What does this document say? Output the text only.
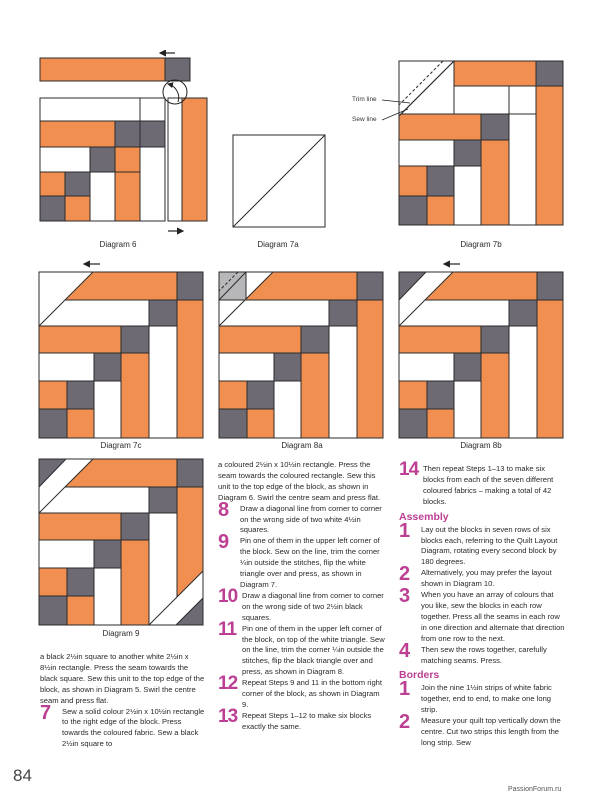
Diagram 6	Diagram 7a
Trim line
Sew line
Diagram 7b
Diagram 7c	Diagram 8a	Diagram 8b
Diagram 9

a black 2½in square to another white 2½in x 8½in rectangle. Press the seam towards the black square. Sew this unit to the top edge of the block, as shown in Diagram 5. Swirl the centre seam and press flat.

7 Sew a solid colour 2½in x 10½in rectangle to the right edge of the block. Press towards the coloured fabric. Sew a black 2½in square to

a coloured 2½in x 10½in rectangle. Press the seam towards the coloured rectangle. Sew this unit to the top edge of the block, as shown in Diagram 6. Swirl the centre seam and press flat.

8 Draw a diagonal line from corner to corner on the wrong side of two white 4½in squares.
9 Pin one of them in the upper left corner of the block. Sew on the line, trim the corner ¼in outside the stitches, flip the white triangle over and press, as shown in Diagram 7.
10 Draw a diagonal line from corner to corner on the wrong side of two 2½in black squares.
11 Pin one of them in the upper left corner of the block, on top of the white triangle. Sew on the line, trim the corner ¼in outside the stitches, flip the black triangle over and press, as shown in Diagram 8.
12 Repeat Steps 9 and 11 in the bottom right corner of the block, as shown in Diagram 9.
13 Repeat Steps 1–12 to make six blocks exactly the same.
14 Then repeat Steps 1–13 to make six blocks from each of the seven different coloured fabrics – making a total of 42 blocks.
Assembly
1 Lay out the blocks in seven rows of six blocks each, referring to the Quilt Layout Diagram, rotating every second block by 180 degrees.
2 Alternatively, you may prefer the layout shown in Diagram 10.
3 When you have an array of colours that you like, sew the blocks in each row together. Press all the seams in each row in one direction and alternate that direction from one row to the next.
4 Then sew the rows together, carefully matching seams. Press.
Borders
1 Join the nine 1½in strips of white fabric together, end to end, to make one long strip.
2 Measure your quilt top vertically down the centre. Cut two strips this length from the long strip. Sew
84
PassionForum.ru
